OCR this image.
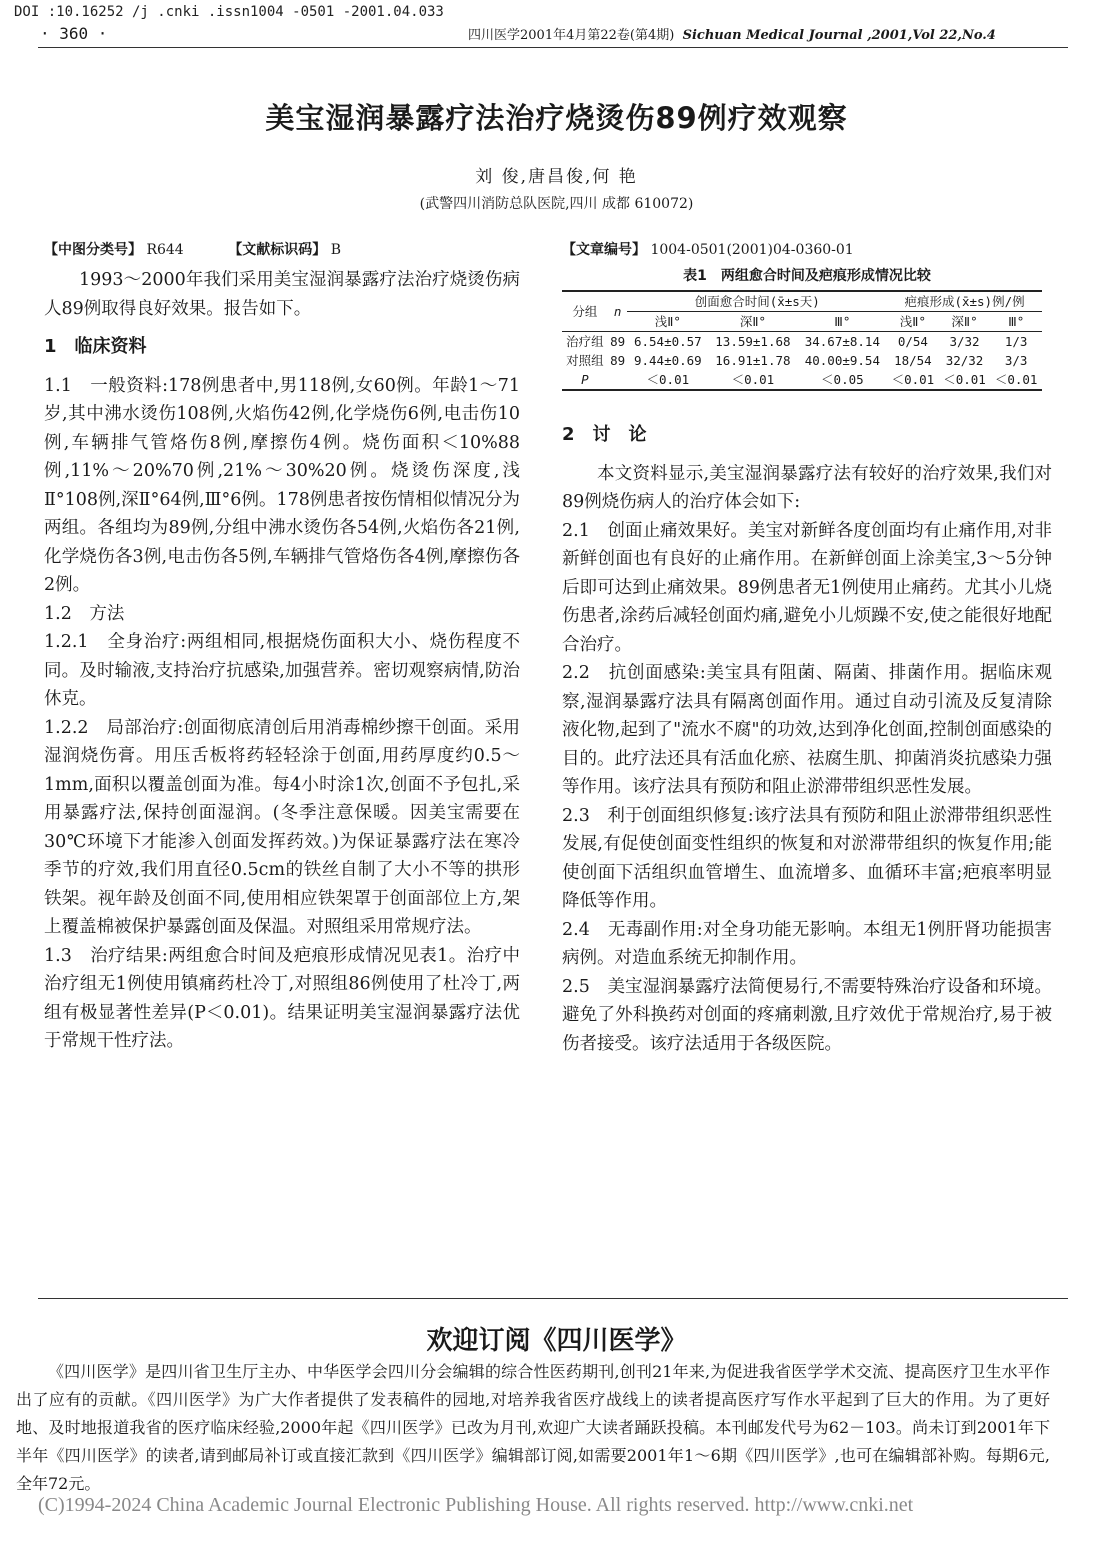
DOI :10.16252 /j .cnki .issn1004 -0501 -2001.04.033
· 360 ·	四川医学2001年4月第22卷(第4期) Sichuan Medical Journal ,2001,Vol 22,No.4
美宝湿润暴露疗法治疗烧烫伤89例疗效观察
刘 俊,唐昌俊,何 艳
(武警四川消防总队医院,四川 成都 610072)
【中图分类号】 R644	【文献标识码】 B

1993～2000年我们采用美宝湿润暴露疗法治疗烧烫伤病人89例取得良好效果。报告如下。

1　临床资料

1.1　一般资料:178例患者中,男118例,女60例。年龄1～71岁,其中沸水烫伤108例,火焰伤42例,化学烧伤6例,电击伤10例,车辆排气管烙伤8例,摩擦伤4例。烧伤面积＜10%88例,11%～20%70例,21%～30%20例。烧烫伤深度,浅Ⅱ°108例,深Ⅱ°64例,Ⅲ°6例。178例患者按伤情相似情况分为两组。各组均为89例,分组中沸水烫伤各54例,火焰伤各21例,化学烧伤各3例,电击伤各5例,车辆排气管烙伤各4例,摩擦伤各2例。

1.2　方法

1.2.1　全身治疗:两组相同,根据烧伤面积大小、烧伤程度不同。及时输液,支持治疗抗感染,加强营养。密切观察病情,防治休克。

1.2.2　局部治疗:创面彻底清创后用消毒棉纱擦干创面。采用湿润烧伤膏。用压舌板将药轻轻涂于创面,用药厚度约0.5～1mm,面积以覆盖创面为准。每4小时涂1次,创面不予包扎,采用暴露疗法,保持创面湿润。(冬季注意保暖。因美宝需要在30℃环境下才能渗入创面发挥药效。)为保证暴露疗法在寒冷季节的疗效,我们用直径0.5cm的铁丝自制了大小不等的拱形铁架。视年龄及创面不同,使用相应铁架罩于创面部位上方,架上覆盖棉被保护暴露创面及保温。对照组采用常规疗法。

1.3　治疗结果:两组愈合时间及疤痕形成情况见表1。治疗中治疗组无1例使用镇痛药杜冷丁,对照组86例使用了杜冷丁,两组有极显著性差异(P＜0.01)。结果证明美宝湿润暴露疗法优于常规干性疗法。

【文章编号】 1004-0501(2001)04-0360-01
表1　两组愈合时间及疤痕形成情况比较
分组	n	创面愈合时间(x̄±s天)			疤痕形成(x̄±s)例/例		
		浅Ⅱ°	深Ⅱ°	Ⅲ°	浅Ⅱ°	深Ⅱ°	Ⅲ°
治疗组	89	6.54±0.57	13.59±1.68	34.67±8.14	0/54	3/32	1/3
对照组	89	9.44±0.69	16.91±1.78	40.00±9.54	18/54	32/32	3/3
P		＜0.01	＜0.01	＜0.05	＜0.01	＜0.01	＜0.01
2　讨　论

本文资料显示,美宝湿润暴露疗法有较好的治疗效果,我们对89例烧伤病人的治疗体会如下:

2.1　创面止痛效果好。美宝对新鲜各度创面均有止痛作用,对非新鲜创面也有良好的止痛作用。在新鲜创面上涂美宝,3～5分钟后即可达到止痛效果。89例患者无1例使用止痛药。尤其小儿烧伤患者,涂药后减轻创面灼痛,避免小儿烦躁不安,使之能很好地配合治疗。

2.2　抗创面感染:美宝具有阻菌、隔菌、排菌作用。据临床观察,湿润暴露疗法具有隔离创面作用。通过自动引流及反复清除液化物,起到了"流水不腐"的功效,达到净化创面,控制创面感染的目的。此疗法还具有活血化瘀、祛腐生肌、抑菌消炎抗感染力强等作用。该疗法具有预防和阻止淤滞带组织恶性发展。

2.3　利于创面组织修复:该疗法具有预防和阻止淤滞带组织恶性发展,有促使创面变性组织的恢复和对淤滞带组织的恢复作用;能使创面下活组织血管增生、血流增多、血循环丰富;疤痕率明显降低等作用。

2.4　无毒副作用:对全身功能无影响。本组无1例肝肾功能损害病例。对造血系统无抑制作用。

2.5　美宝湿润暴露疗法简便易行,不需要特殊治疗设备和环境。避免了外科换药对创面的疼痛刺激,且疗效优于常规治疗,易于被伤者接受。该疗法适用于各级医院。

欢迎订阅《四川医学》
《四川医学》是四川省卫生厅主办、中华医学会四川分会编辑的综合性医药期刊,创刊21年来,为促进我省医学学术交流、提高医疗卫生水平作出了应有的贡献。《四川医学》为广大作者提供了发表稿件的园地,对培养我省医疗战线上的读者提高医疗写作水平起到了巨大的作用。为了更好地、及时地报道我省的医疗临床经验,2000年起《四川医学》已改为月刊,欢迎广大读者踊跃投稿。本刊邮发代号为62－103。尚未订到2001年下半年《四川医学》的读者,请到邮局补订或直接汇款到《四川医学》编辑部订阅,如需要2001年1～6期《四川医学》,也可在编辑部补购。每期6元,全年72元。
(C)1994-2024 China Academic Journal Electronic Publishing House. All rights reserved. http://www.cnki.net
